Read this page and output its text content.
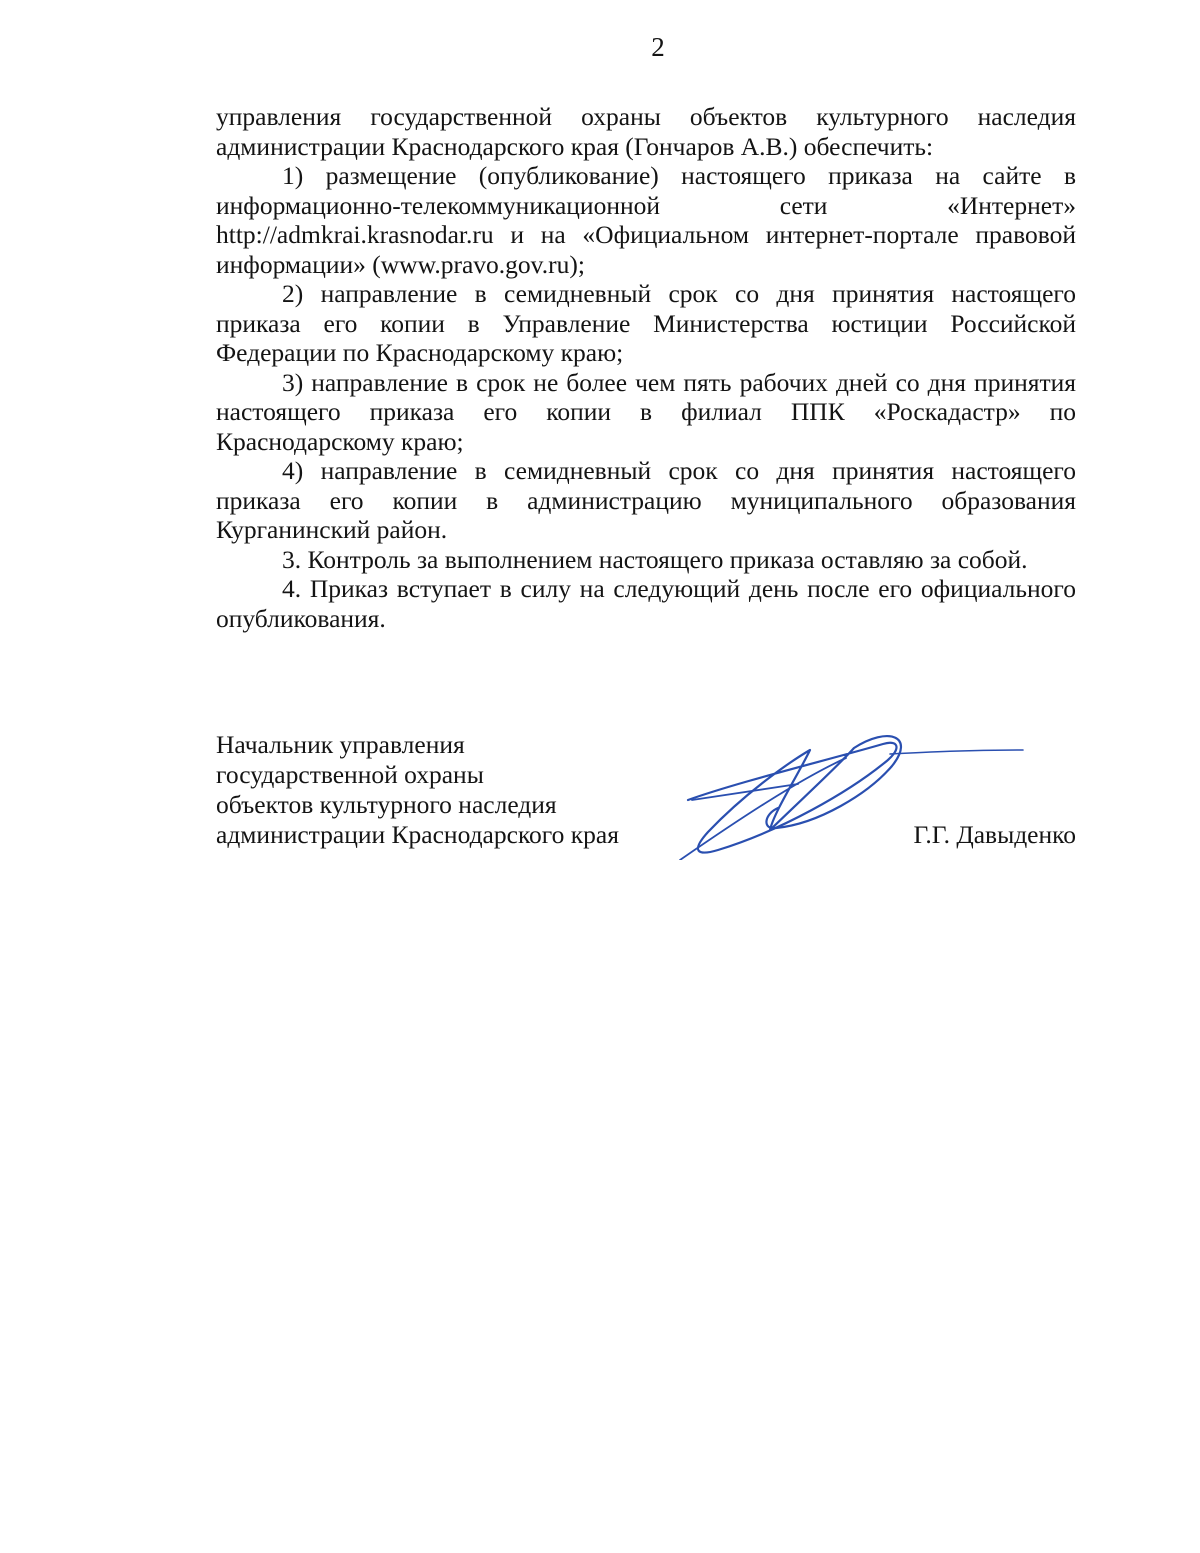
2

управления государственной охраны объектов культурного наследия администрации Краснодарского края (Гончаров А.В.) обеспечить:

1) размещение (опубликование) настоящего приказа на сайте в информационно-телекоммуникационной сети «Интернет» http://admkrai.krasnodar.ru и на «Официальном интернет-портале правовой информации» (www.pravo.gov.ru);

2) направление в семидневный срок со дня принятия настоящего приказа его копии в Управление Министерства юстиции Российской Федерации по Краснодарскому краю;

3) направление в срок не более чем пять рабочих дней со дня принятия настоящего приказа его копии в филиал ППК «Роскадастр» по Краснодарскому краю;

4) направление в семидневный срок со дня принятия настоящего приказа его копии в администрацию муниципального образования Курганинский район.

3. Контроль за выполнением настоящего приказа оставляю за собой.

4. Приказ вступает в силу на следующий день после его официального опубликования.

Начальник управления
государственной охраны
объектов культурного наследия
администрации Краснодарского края	Г.Г. Давыденко
